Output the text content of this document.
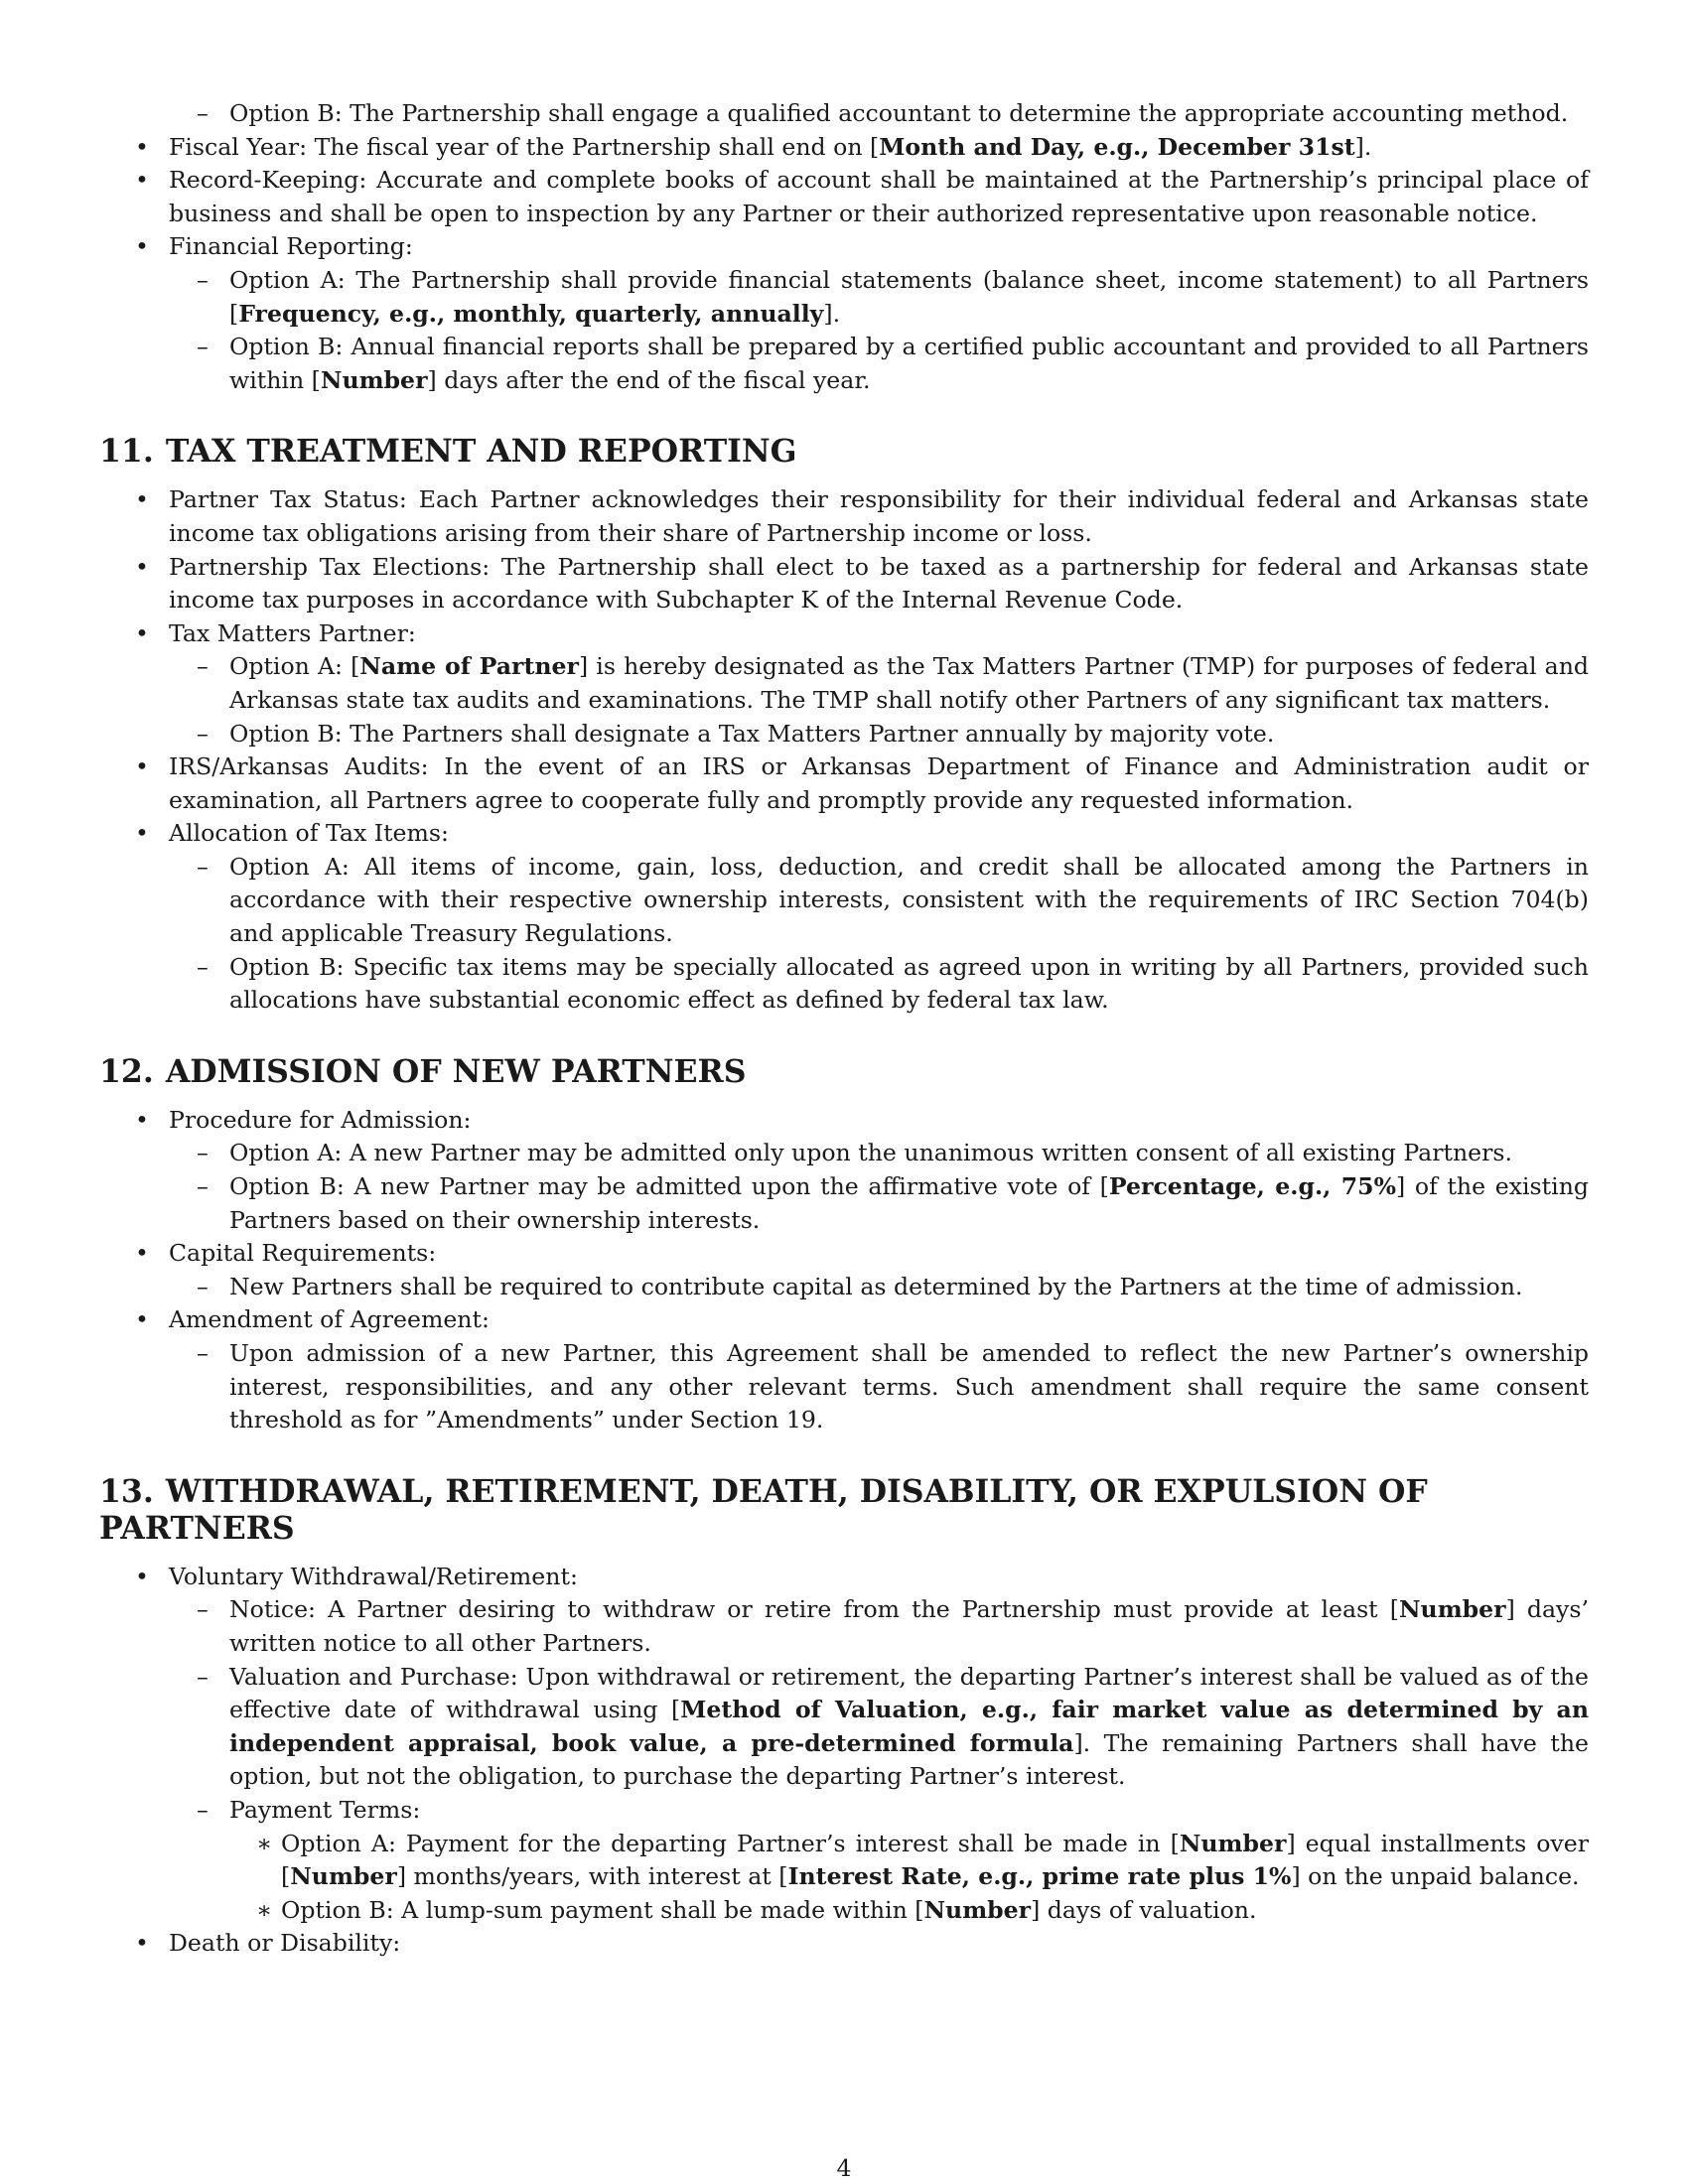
– Option B: The Partnership shall engage a qualified accountant to determine the appropriate accounting method.

• Fiscal Year: The fiscal year of the Partnership shall end on [Month and Day, e.g., December 31st].

• Record-Keeping: Accurate and complete books of account shall be maintained at the Partnership’s principal place of business and shall be open to inspection by any Partner or their authorized representative upon reasonable notice.

• Financial Reporting:

– Option A: The Partnership shall provide financial statements (balance sheet, income statement) to all Partners [Frequency, e.g., monthly, quarterly, annually].

– Option B: Annual financial reports shall be prepared by a certified public accountant and provided to all Partners within [Number] days after the end of the fiscal year.

11. TAX TREATMENT AND REPORTING

• Partner Tax Status: Each Partner acknowledges their responsibility for their individual federal and Arkansas state income tax obligations arising from their share of Partnership income or loss.

• Partnership Tax Elections: The Partnership shall elect to be taxed as a partnership for federal and Arkansas state income tax purposes in accordance with Subchapter K of the Internal Revenue Code.

• Tax Matters Partner:

– Option A: [Name of Partner] is hereby designated as the Tax Matters Partner (TMP) for purposes of federal and Arkansas state tax audits and examinations. The TMP shall notify other Partners of any significant tax matters.

– Option B: The Partners shall designate a Tax Matters Partner annually by majority vote.

• IRS/Arkansas Audits: In the event of an IRS or Arkansas Department of Finance and Administration audit or examination, all Partners agree to cooperate fully and promptly provide any requested information.

• Allocation of Tax Items:

– Option A: All items of income, gain, loss, deduction, and credit shall be allocated among the Partners in accordance with their respective ownership interests, consistent with the requirements of IRC Section 704(b) and applicable Treasury Regulations.

– Option B: Specific tax items may be specially allocated as agreed upon in writing by all Partners, provided such allocations have substantial economic effect as defined by federal tax law.

12. ADMISSION OF NEW PARTNERS

• Procedure for Admission:

– Option A: A new Partner may be admitted only upon the unanimous written consent of all existing Partners.

– Option B: A new Partner may be admitted upon the affirmative vote of [Percentage, e.g., 75%] of the existing Partners based on their ownership interests.

• Capital Requirements:

– New Partners shall be required to contribute capital as determined by the Partners at the time of admission.

• Amendment of Agreement:

– Upon admission of a new Partner, this Agreement shall be amended to reflect the new Partner’s ownership interest, responsibilities, and any other relevant terms. Such amendment shall require the same consent threshold as for ”Amendments” under Section 19.

13. WITHDRAWAL, RETIREMENT, DEATH, DISABILITY, OR EXPULSION OF PARTNERS

• Voluntary Withdrawal/Retirement:

– Notice: A Partner desiring to withdraw or retire from the Partnership must provide at least [Number] days’ written notice to all other Partners.

– Valuation and Purchase: Upon withdrawal or retirement, the departing Partner’s interest shall be valued as of the effective date of withdrawal using [Method of Valuation, e.g., fair market value as determined by an independent appraisal, book value, a pre-determined formula]. The remaining Partners shall have the option, but not the obligation, to purchase the departing Partner’s interest.

– Payment Terms:

∗ Option A: Payment for the departing Partner’s interest shall be made in [Number] equal installments over [Number] months/years, with interest at [Interest Rate, e.g., prime rate plus 1%] on the unpaid balance.

∗ Option B: A lump-sum payment shall be made within [Number] days of valuation.

• Death or Disability:

4
